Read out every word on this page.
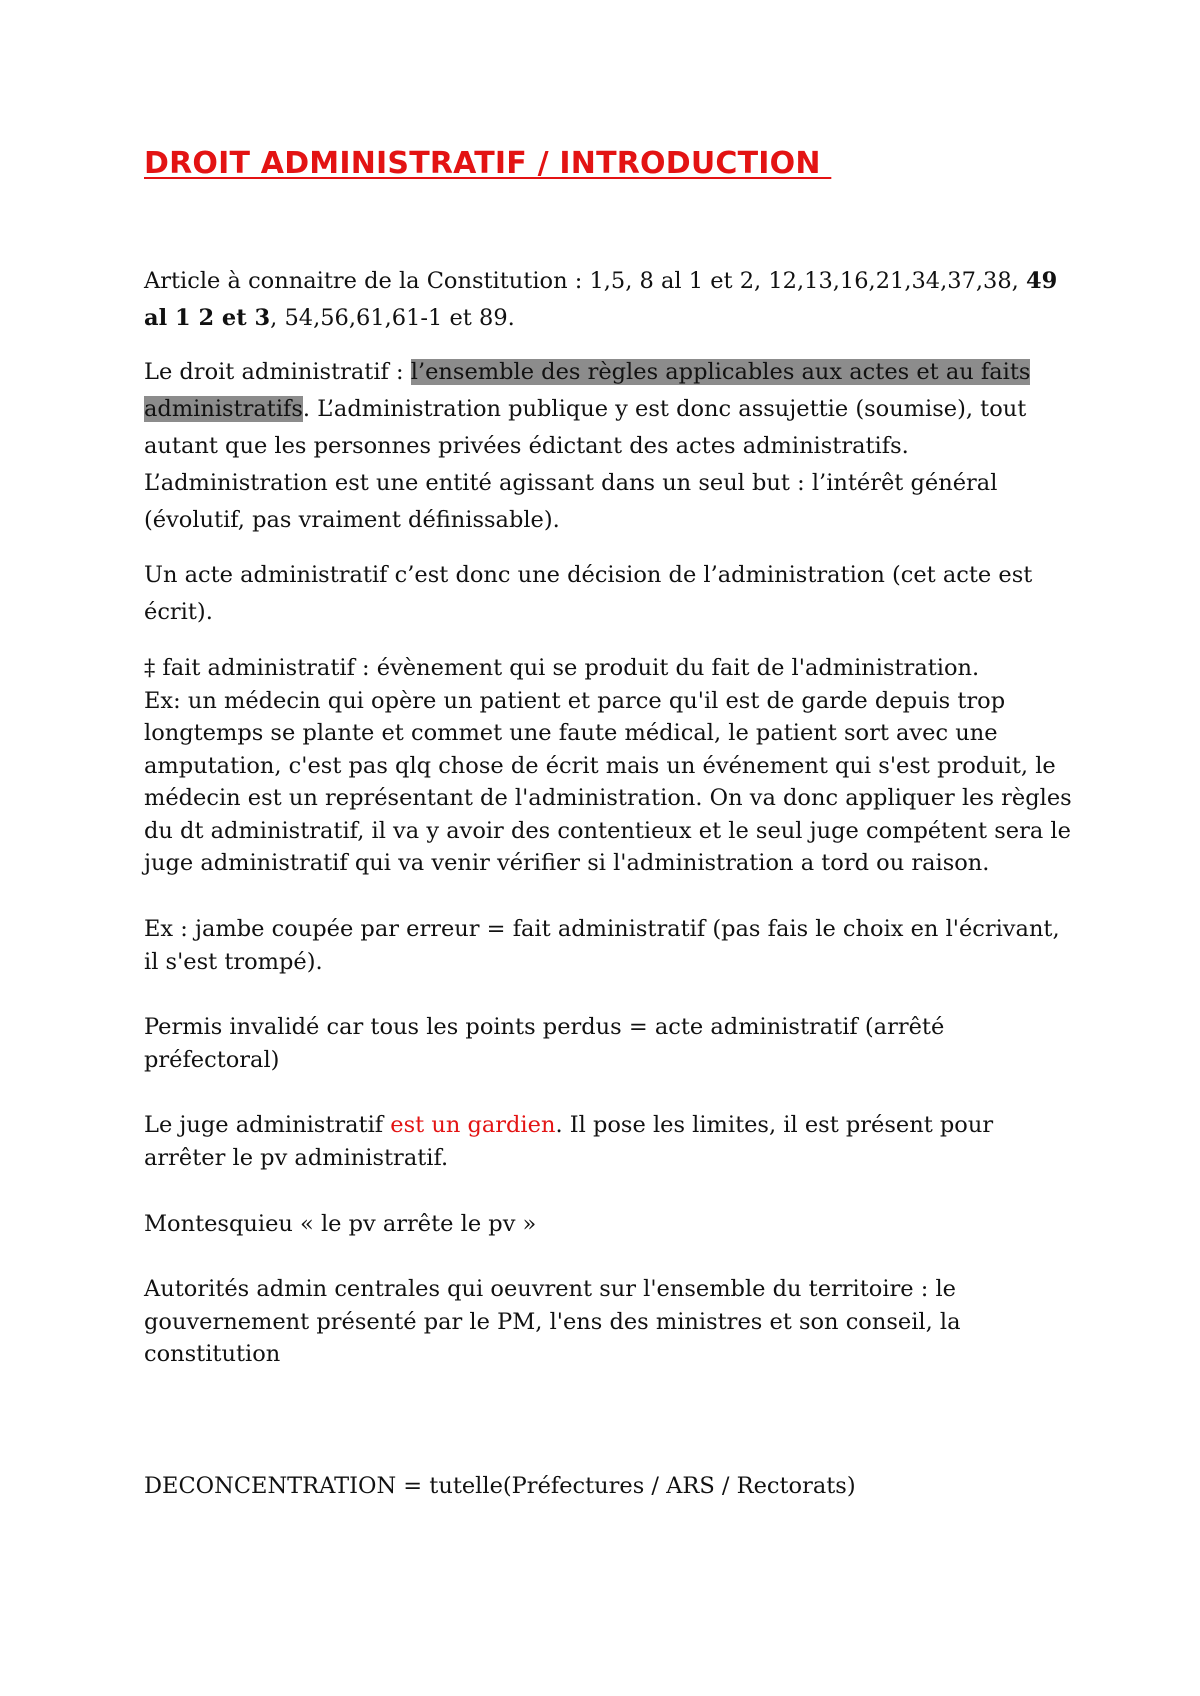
DROIT ADMINISTRATIF / INTRODUCTION

Article à connaitre de la Constitution : 1,5, 8 al 1 et 2, 12,13,16,21,34,37,38, 49 al 1 2 et 3, 54,56,61,61-1 et 89.

Le droit administratif : l’ensemble des règles applicables aux actes et au faits administratifs. L’administration publique y est donc assujettie (soumise), tout autant que les personnes privées édictant des actes administratifs.
L’administration est une entité agissant dans un seul but : l’intérêt général (évolutif, pas vraiment définissable).

Un acte administratif c’est donc une décision de l’administration (cet acte est écrit).

‡ fait administratif : évènement qui se produit du fait de l'administration.
Ex: un médecin qui opère un patient et parce qu'il est de garde depuis trop longtemps se plante et commet une faute médical, le patient sort avec une amputation, c'est pas qlq chose de écrit mais un événement qui s'est produit, le médecin est un représentant de l'administration. On va donc appliquer les règles du dt administratif, il va y avoir des contentieux et le seul juge compétent sera le juge administratif qui va venir vérifier si l'administration a tord ou raison.

Ex : jambe coupée par erreur = fait administratif (pas fais le choix en l'écrivant, il s'est trompé).

Permis invalidé car tous les points perdus = acte administratif (arrêté préfectoral)

Le juge administratif est un gardien. Il pose les limites, il est présent pour arrêter le pv administratif.

Montesquieu « le pv arrête le pv »

Autorités admin centrales qui oeuvrent sur l'ensemble du territoire : le gouvernement présenté par le PM, l'ens des ministres et son conseil, la constitution

DECONCENTRATION = tutelle(Préfectures / ARS / Rectorats)
